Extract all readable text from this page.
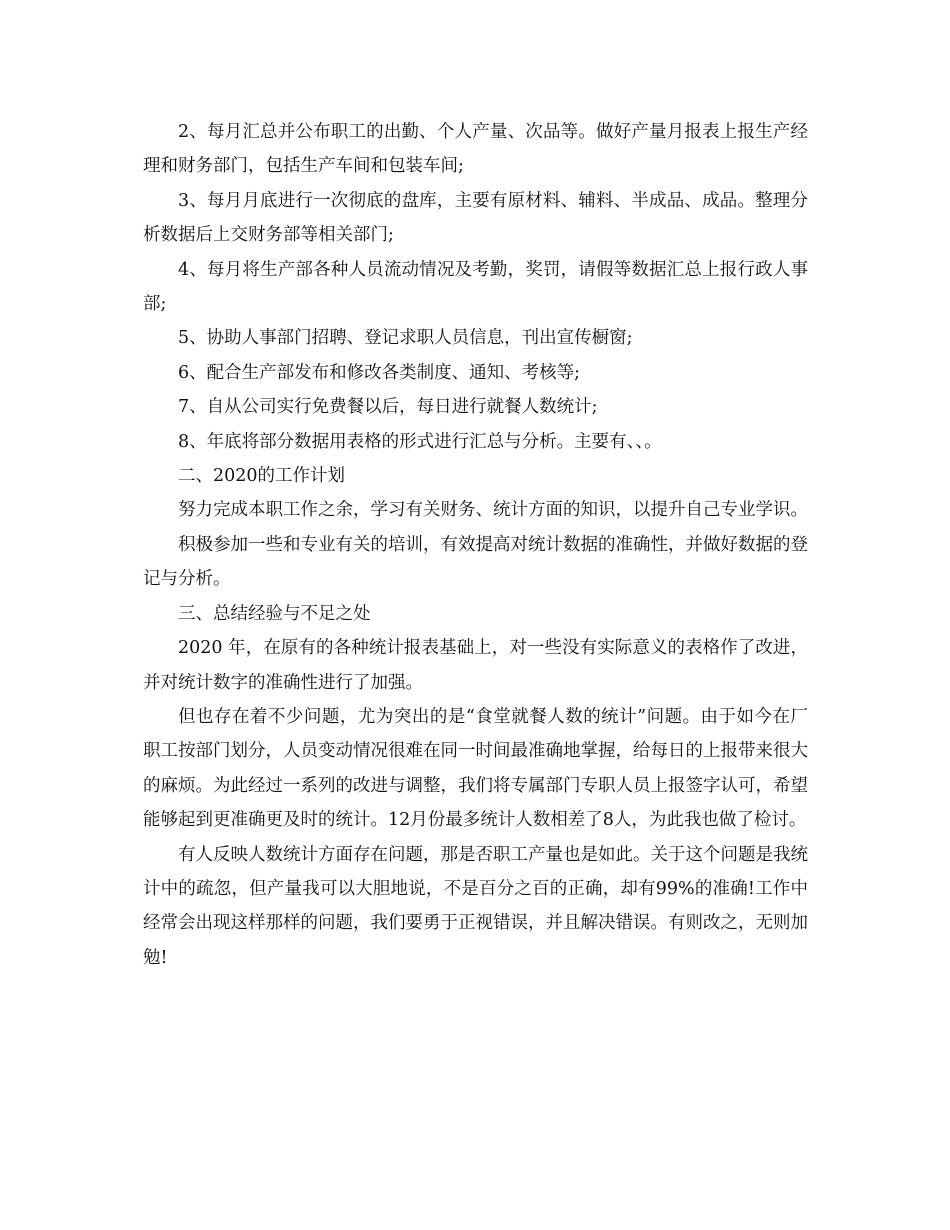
2、每月汇总并公布职工的出勤、个人产量、次品等。做好产量月报表上报生产经理和财务部门，包括生产车间和包装车间;

3、每月月底进行一次彻底的盘库，主要有原材料、辅料、半成品、成品。整理分析数据后上交财务部等相关部门;

4、每月将生产部各种人员流动情况及考勤，奖罚，请假等数据汇总上报行政人事部;

5、协助人事部门招聘、登记求职人员信息，刊出宣传橱窗;

6、配合生产部发布和修改各类制度、通知、考核等;

7、自从公司实行免费餐以后，每日进行就餐人数统计;

8、年底将部分数据用表格的形式进行汇总与分析。主要有、、。

二、2020的工作计划

努力完成本职工作之余，学习有关财务、统计方面的知识，以提升自己专业学识。

积极参加一些和专业有关的培训，有效提高对统计数据的准确性，并做好数据的登记与分析。

三、总结经验与不足之处

2020 年，在原有的各种统计报表基础上，对一些没有实际意义的表格作了改进，并对统计数字的准确性进行了加强。

但也存在着不少问题，尤为突出的是“食堂就餐人数的统计”问题。由于如今在厂职工按部门划分，人员变动情况很难在同一时间最准确地掌握，给每日的上报带来很大的麻烦。为此经过一系列的改进与调整，我们将专属部门专职人员上报签字认可，希望能够起到更准确更及时的统计。12月份最多统计人数相差了8人，为此我也做了检讨。

有人反映人数统计方面存在问题，那是否职工产量也是如此。关于这个问题是我统计中的疏忽，但产量我可以大胆地说，不是百分之百的正确，却有99%的准确!工作中经常会出现这样那样的问题，我们要勇于正视错误，并且解决错误。有则改之，无则加勉!
